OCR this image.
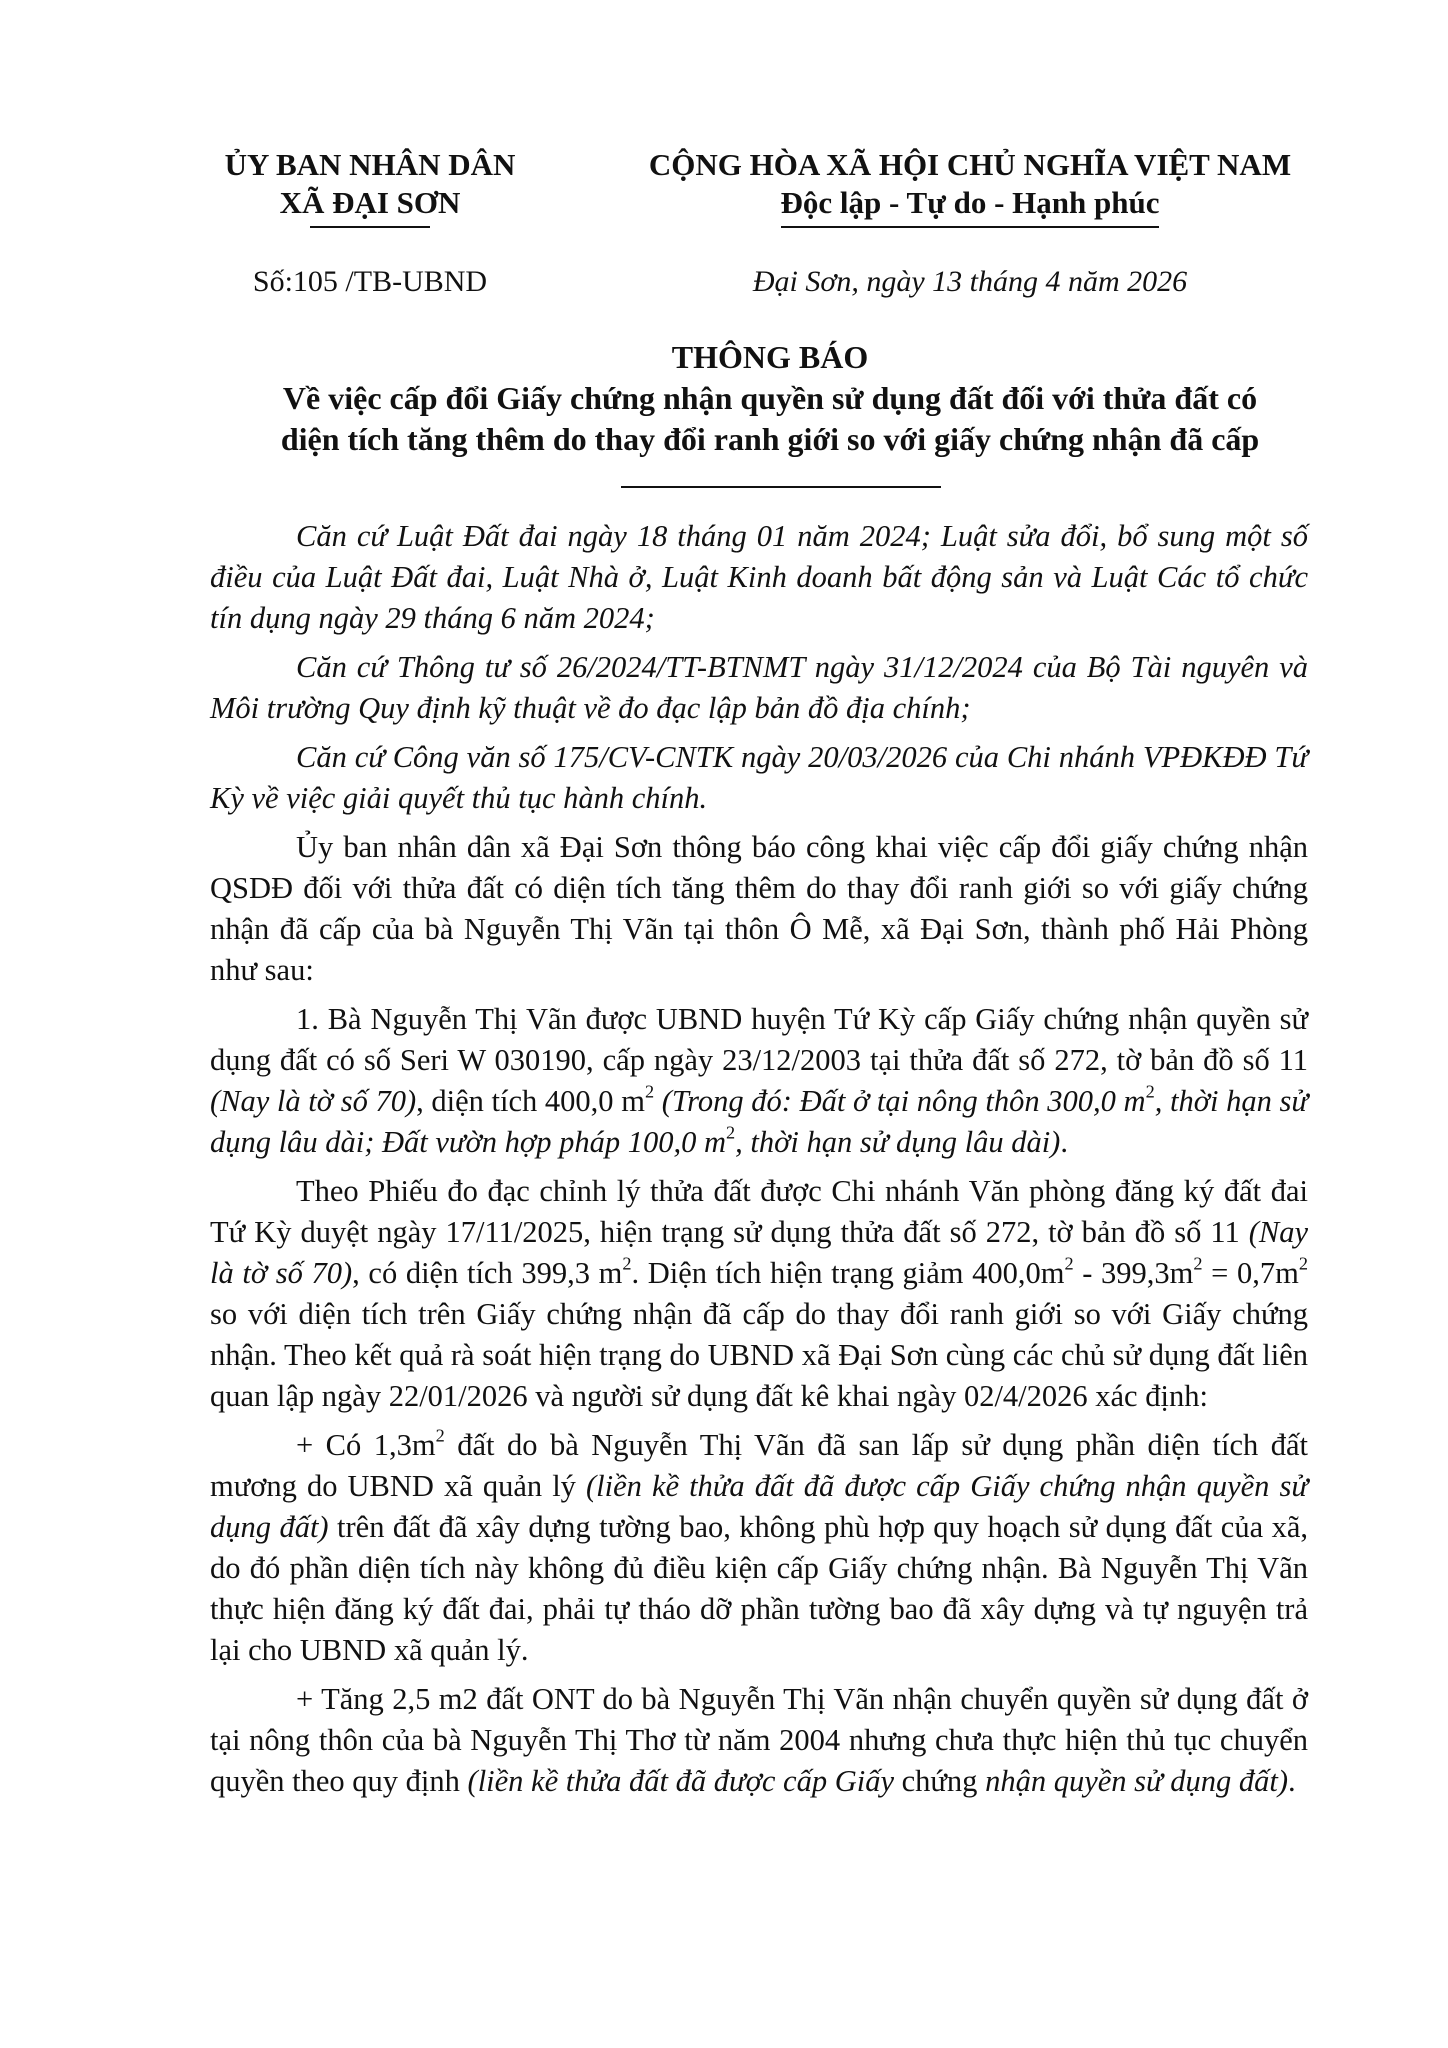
ỦY BAN NHÂN DÂN
XÃ ĐẠI SƠN
CỘNG HÒA XÃ HỘI CHỦ NGHĨA VIỆT NAM
Độc lập - Tự do - Hạnh phúc
Số:105 /TB-UBND	Đại Sơn, ngày 13 tháng 4 năm 2026
THÔNG BÁO
Về việc cấp đổi Giấy chứng nhận quyền sử dụng đất đối với thửa đất có
diện tích tăng thêm do thay đổi ranh giới so với giấy chứng nhận đã cấp

Căn cứ Luật Đất đai ngày 18 tháng 01 năm 2024; Luật sửa đổi, bổ sung một số điều của Luật Đất đai, Luật Nhà ở, Luật Kinh doanh bất động sản và Luật Các tổ chức tín dụng ngày 29 tháng 6 năm 2024;

Căn cứ Thông tư số 26/2024/TT-BTNMT ngày 31/12/2024 của Bộ Tài nguyên và Môi trường Quy định kỹ thuật về đo đạc lập bản đồ địa chính;

Căn cứ Công văn số 175/CV-CNTK ngày 20/03/2026 của Chi nhánh VPĐKĐĐ Tứ Kỳ về việc giải quyết thủ tục hành chính.

Ủy ban nhân dân xã Đại Sơn thông báo công khai việc cấp đổi giấy chứng nhận QSDĐ đối với thửa đất có diện tích tăng thêm do thay đổi ranh giới so với giấy chứng nhận đã cấp của bà Nguyễn Thị Vãn tại thôn Ô Mễ, xã Đại Sơn, thành phố Hải Phòng như sau:

1. Bà Nguyễn Thị Vãn được UBND huyện Tứ Kỳ cấp Giấy chứng nhận quyền sử dụng đất có số Seri W 030190, cấp ngày 23/12/2003 tại thửa đất số 272, tờ bản đồ số 11 (Nay là tờ số 70), diện tích 400,0 $m^2$ (Trong đó: Đất ở tại nông thôn 300,0 $m^2$, thời hạn sử dụng lâu dài; Đất vườn hợp pháp 100,0 $m^2$, thời hạn sử dụng lâu dài).

Theo Phiếu đo đạc chỉnh lý thửa đất được Chi nhánh Văn phòng đăng ký đất đai Tứ Kỳ duyệt ngày 17/11/2025, hiện trạng sử dụng thửa đất số 272, tờ bản đồ số 11 (Nay là tờ số 70), có diện tích 399,3 $m^2$. Diện tích hiện trạng giảm $400,0m^2 - 399,3m^2 = 0,7m^2$ so với diện tích trên Giấy chứng nhận đã cấp do thay đổi ranh giới so với Giấy chứng nhận. Theo kết quả rà soát hiện trạng do UBND xã Đại Sơn cùng các chủ sử dụng đất liên quan lập ngày 22/01/2026 và người sử dụng đất kê khai ngày 02/4/2026 xác định:

+ Có $1,3m^2$ đất do bà Nguyễn Thị Vãn đã san lấp sử dụng phần diện tích đất mương do UBND xã quản lý (liền kề thửa đất đã được cấp Giấy chứng nhận quyền sử dụng đất) trên đất đã xây dựng tường bao, không phù hợp quy hoạch sử dụng đất của xã, do đó phần diện tích này không đủ điều kiện cấp Giấy chứng nhận. Bà Nguyễn Thị Vãn thực hiện đăng ký đất đai, phải tự tháo dỡ phần tường bao đã xây dựng và tự nguyện trả lại cho UBND xã quản lý.

+ Tăng 2,5 m2 đất ONT do bà Nguyễn Thị Vãn nhận chuyển quyền sử dụng đất ở tại nông thôn của bà Nguyễn Thị Thơ từ năm 2004 nhưng chưa thực hiện thủ tục chuyển quyền theo quy định (liền kề thửa đất đã được cấp Giấy chứng nhận quyền sử dụng đất).
